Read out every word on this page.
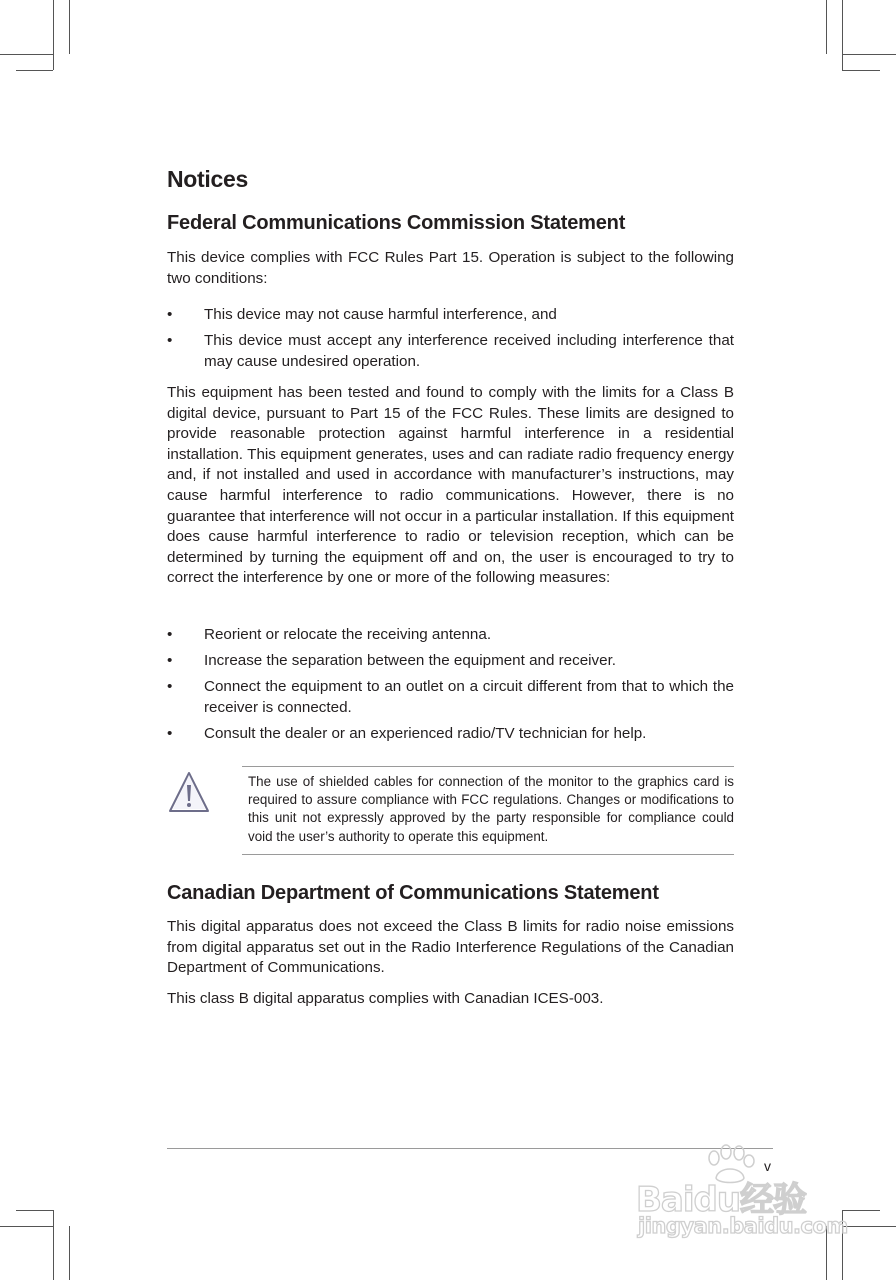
Notices
Federal Communications Commission Statement

This device complies with FCC Rules Part 15. Operation is subject to the following two conditions:

• This device may not cause harmful interference, and
• This device must accept any interference received including interference that may cause undesired operation.

This equipment has been tested and found to comply with the limits for a Class B digital device, pursuant to Part 15 of the FCC Rules. These limits are designed to provide reasonable protection against harmful interference in a residential installation. This equipment generates, uses and can radiate radio frequency energy and, if not installed and used in accordance with manufacturer’s instructions, may cause harmful interference to radio communications. However, there is no guarantee that interference will not occur in a particular installation. If this equipment does cause harmful interference to radio or television reception, which can be determined by turning the equipment off and on, the user is encouraged to try to correct the interference by one or more of the following measures:

• Reorient or relocate the receiving antenna.
• Increase the separation between the equipment and receiver.
• Connect the equipment to an outlet on a circuit different from that to which the receiver is connected.
• Consult the dealer or an experienced radio/TV technician for help.

The use of shielded cables for connection of the monitor to the graphics card is required to assure compliance with FCC regulations. Changes or modifications to this unit not expressly approved by the party responsible for compliance could void the user’s authority to operate this equipment.

Canadian Department of Communications Statement

This digital apparatus does not exceed the Class B limits for radio noise emissions from digital apparatus set out in the Radio Interference Regulations of the Canadian Department of Communications.

This class B digital apparatus complies with Canadian ICES-003.

v
Baidu经验
jingyan.baidu.com
